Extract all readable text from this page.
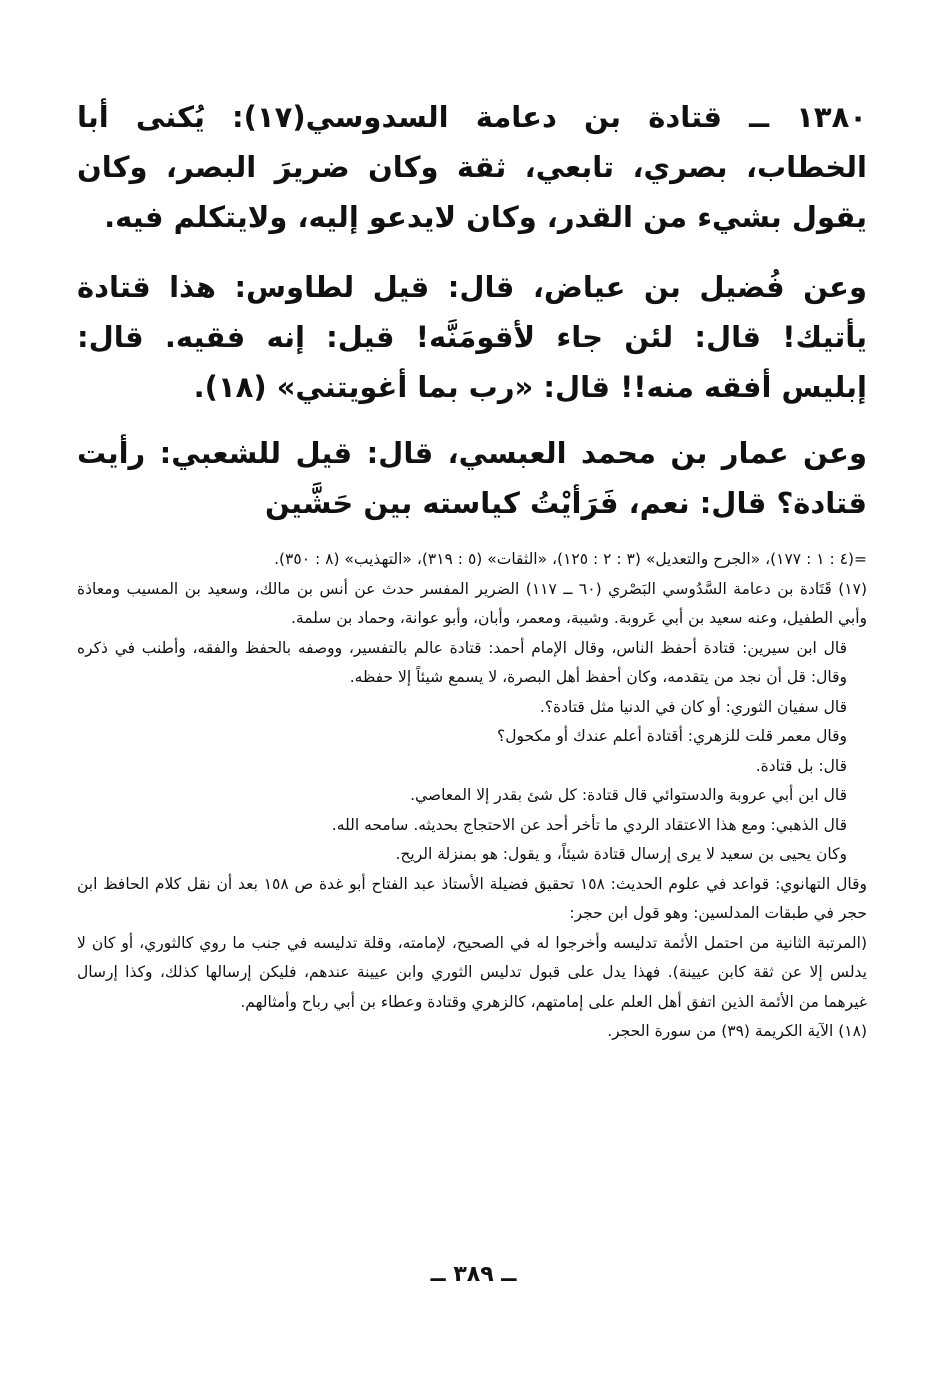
١٣٨٠ ــ قتادة بن دعامة السدوسي(١٧): يُكنى أبا الخطاب، بصري، تابعي، ثقة وكان ضريرَ البصر، وكان يقول بشيء من القدر، وكان لايدعو إليه، ولايتكلم فيه.

وعن فُضيل بن عياض، قال: قيل لطاوس: هذا قتادة يأتيك! قال: لئن جاء لأقومَنَّه! قيل: إنه فقيه. قال: إبليس أفقه منه!! قال: «رب بما أغويتني» (١٨).

وعن عمار بن محمد العبسي، قال: قيل للشعبي: رأيت قتادة؟ قال: نعم، فَرَأيْتُ كياسته بين حَشَّين

=(٤ : ١ : ١٧٧)، «الجرح والتعديل» (٣ : ٢ : ١٢٥)، «الثقات» (٥ : ٣١٩)، «التهذيب» (٨ : ٣٥٠).

(١٧) قَتَادة بن دعامة السَّدُوسي البَصْري (٦٠ ــ ١١٧) الضرير المفسر حدث عن أنس بن مالك، وسعيد بن المسيب ومعاذة وأبي الطفيل، وعنه سعيد بن أبي عَروبة. وشيبة، ومعمر، وأبان، وأبو عوانة، وحماد بن سلمة.

قال ابن سيرين: قتادة أحفظ الناس، وقال الإمام أحمد: قتادة عالم بالتفسير، ووصفه بالحفظ والفقه، وأطنب في ذكره وقال: قل أن نجد من يتقدمه، وكان أحفظ أهل البصرة، لا يسمع شيئاً إلا حفظه.

قال سفيان الثوري: أو كان في الدنيا مثل قتادة؟.

وقال معمر قلت للزهري: أقتادة أعلم عندك أو مكحول؟

قال: بل قتادة.

قال ابن أبي عروبة والدستوائي قال قتادة: كل شئ بقدر إلا المعاصي.

قال الذهبي: ومع هذا الاعتقاد الردي ما تأخر أحد عن الاحتجاج بحديثه. سامحه الله.

وكان يحيى بن سعيد لا يرى إرسال قتادة شيئاً، و يقول: هو بمنزلة الريح.

وقال التهانوي: قواعد في علوم الحديث: ١٥٨ تحقيق فضيلة الأستاذ عبد الفتاح أبو غدة ص ١٥٨ بعد أن نقل كلام الحافظ ابن حجر في طبقات المدلسين: وهو قول ابن حجر:

(المرتبة الثانية من احتمل الأئمة تدليسه وأخرجوا له في الصحيح، لإمامته، وقلة تدليسه في جنب ما روي كالثوري، أو كان لا يدلس إلا عن ثقة كابن عيينة). فهذا يدل على قبول تدليس الثوري وابن عيينة عندهم، فليكن إرسالها كذلك، وكذا إرسال غيرهما من الأئمة الذين اتفق أهل العلم على إمامتهم، كالزهري وقتادة وعطاء بن أبي رباح وأمثالهم.

(١٨) الآية الكريمة (٣٩) من سورة الحجر.

ــ ٣٨٩ ــ
